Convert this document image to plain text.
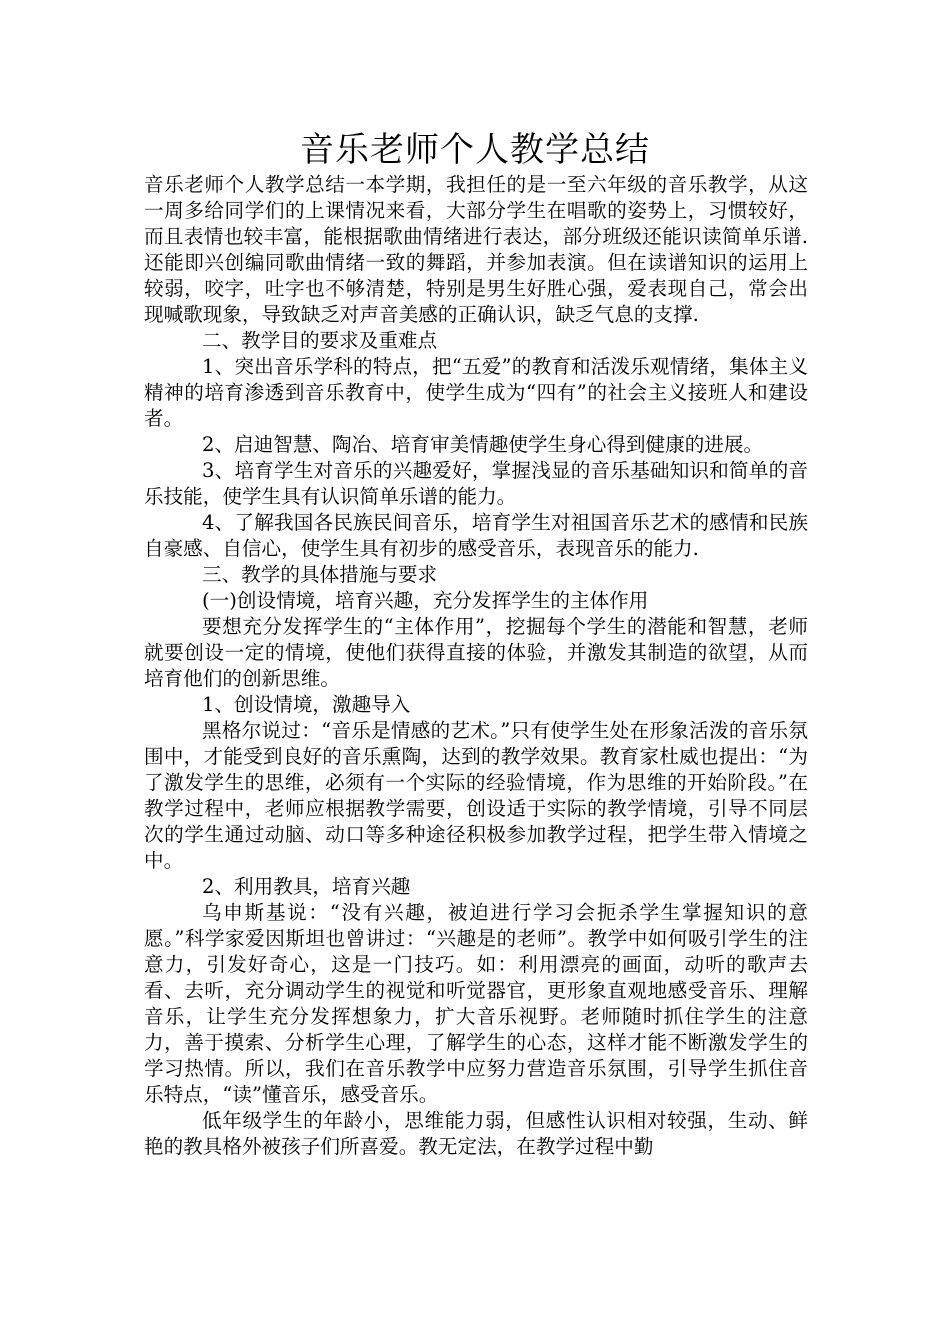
音乐老师个人教学总结

音乐老师个人教学总结一本学期，我担任的是一至六年级的音乐教学，从这一周多给同学们的上课情况来看，大部分学生在唱歌的姿势上，习惯较好，而且表情也较丰富，能根据歌曲情绪进行表达，部分班级还能识读简单乐谱.还能即兴创编同歌曲情绪一致的舞蹈，并参加表演。但在读谱知识的运用上较弱，咬字，吐字也不够清楚，特别是男生好胜心强，爱表现自己，常会出现喊歌现象，导致缺乏对声音美感的正确认识，缺乏气息的支撑.

二、教学目的要求及重难点

1、突出音乐学科的特点，把“五爱”的教育和活泼乐观情绪，集体主义精神的培育渗透到音乐教育中，使学生成为“四有”的社会主义接班人和建设者。

2、启迪智慧、陶冶、培育审美情趣使学生身心得到健康的进展。

3、培育学生对音乐的兴趣爱好，掌握浅显的音乐基础知识和简单的音乐技能，使学生具有认识简单乐谱的能力。

4、了解我国各民族民间音乐，培育学生对祖国音乐艺术的感情和民族自豪感、自信心，使学生具有初步的感受音乐，表现音乐的能力.

三、教学的具体措施与要求

(一)创设情境，培育兴趣，充分发挥学生的主体作用

要想充分发挥学生的“主体作用”，挖掘每个学生的潜能和智慧，老师就要创设一定的情境，使他们获得直接的体验，并激发其制造的欲望，从而培育他们的创新思维。

1、创设情境，激趣导入

黑格尔说过：“音乐是情感的艺术。”只有使学生处在形象活泼的音乐氛围中，才能受到良好的音乐熏陶，达到的教学效果。教育家杜威也提出：“为了激发学生的思维，必须有一个实际的经验情境，作为思维的开始阶段。”在教学过程中，老师应根据教学需要，创设适于实际的教学情境，引导不同层次的学生通过动脑、动口等多种途径积极参加教学过程，把学生带入情境之中。

2、利用教具，培育兴趣

乌申斯基说：“没有兴趣，被迫进行学习会扼杀学生掌握知识的意愿。”科学家爱因斯坦也曾讲过：“兴趣是的老师”。教学中如何吸引学生的注意力，引发好奇心，这是一门技巧。如：利用漂亮的画面，动听的歌声去看、去听，充分调动学生的视觉和听觉器官，更形象直观地感受音乐、理解音乐，让学生充分发挥想象力，扩大音乐视野。老师随时抓住学生的注意力，善于摸索、分析学生心理，了解学生的心态，这样才能不断激发学生的学习热情。所以，我们在音乐教学中应努力营造音乐氛围，引导学生抓住音乐特点，“读”懂音乐，感受音乐。

低年级学生的年龄小，思维能力弱，但感性认识相对较强，生动、鲜艳的教具格外被孩子们所喜爱。教无定法，在教学过程中勤
